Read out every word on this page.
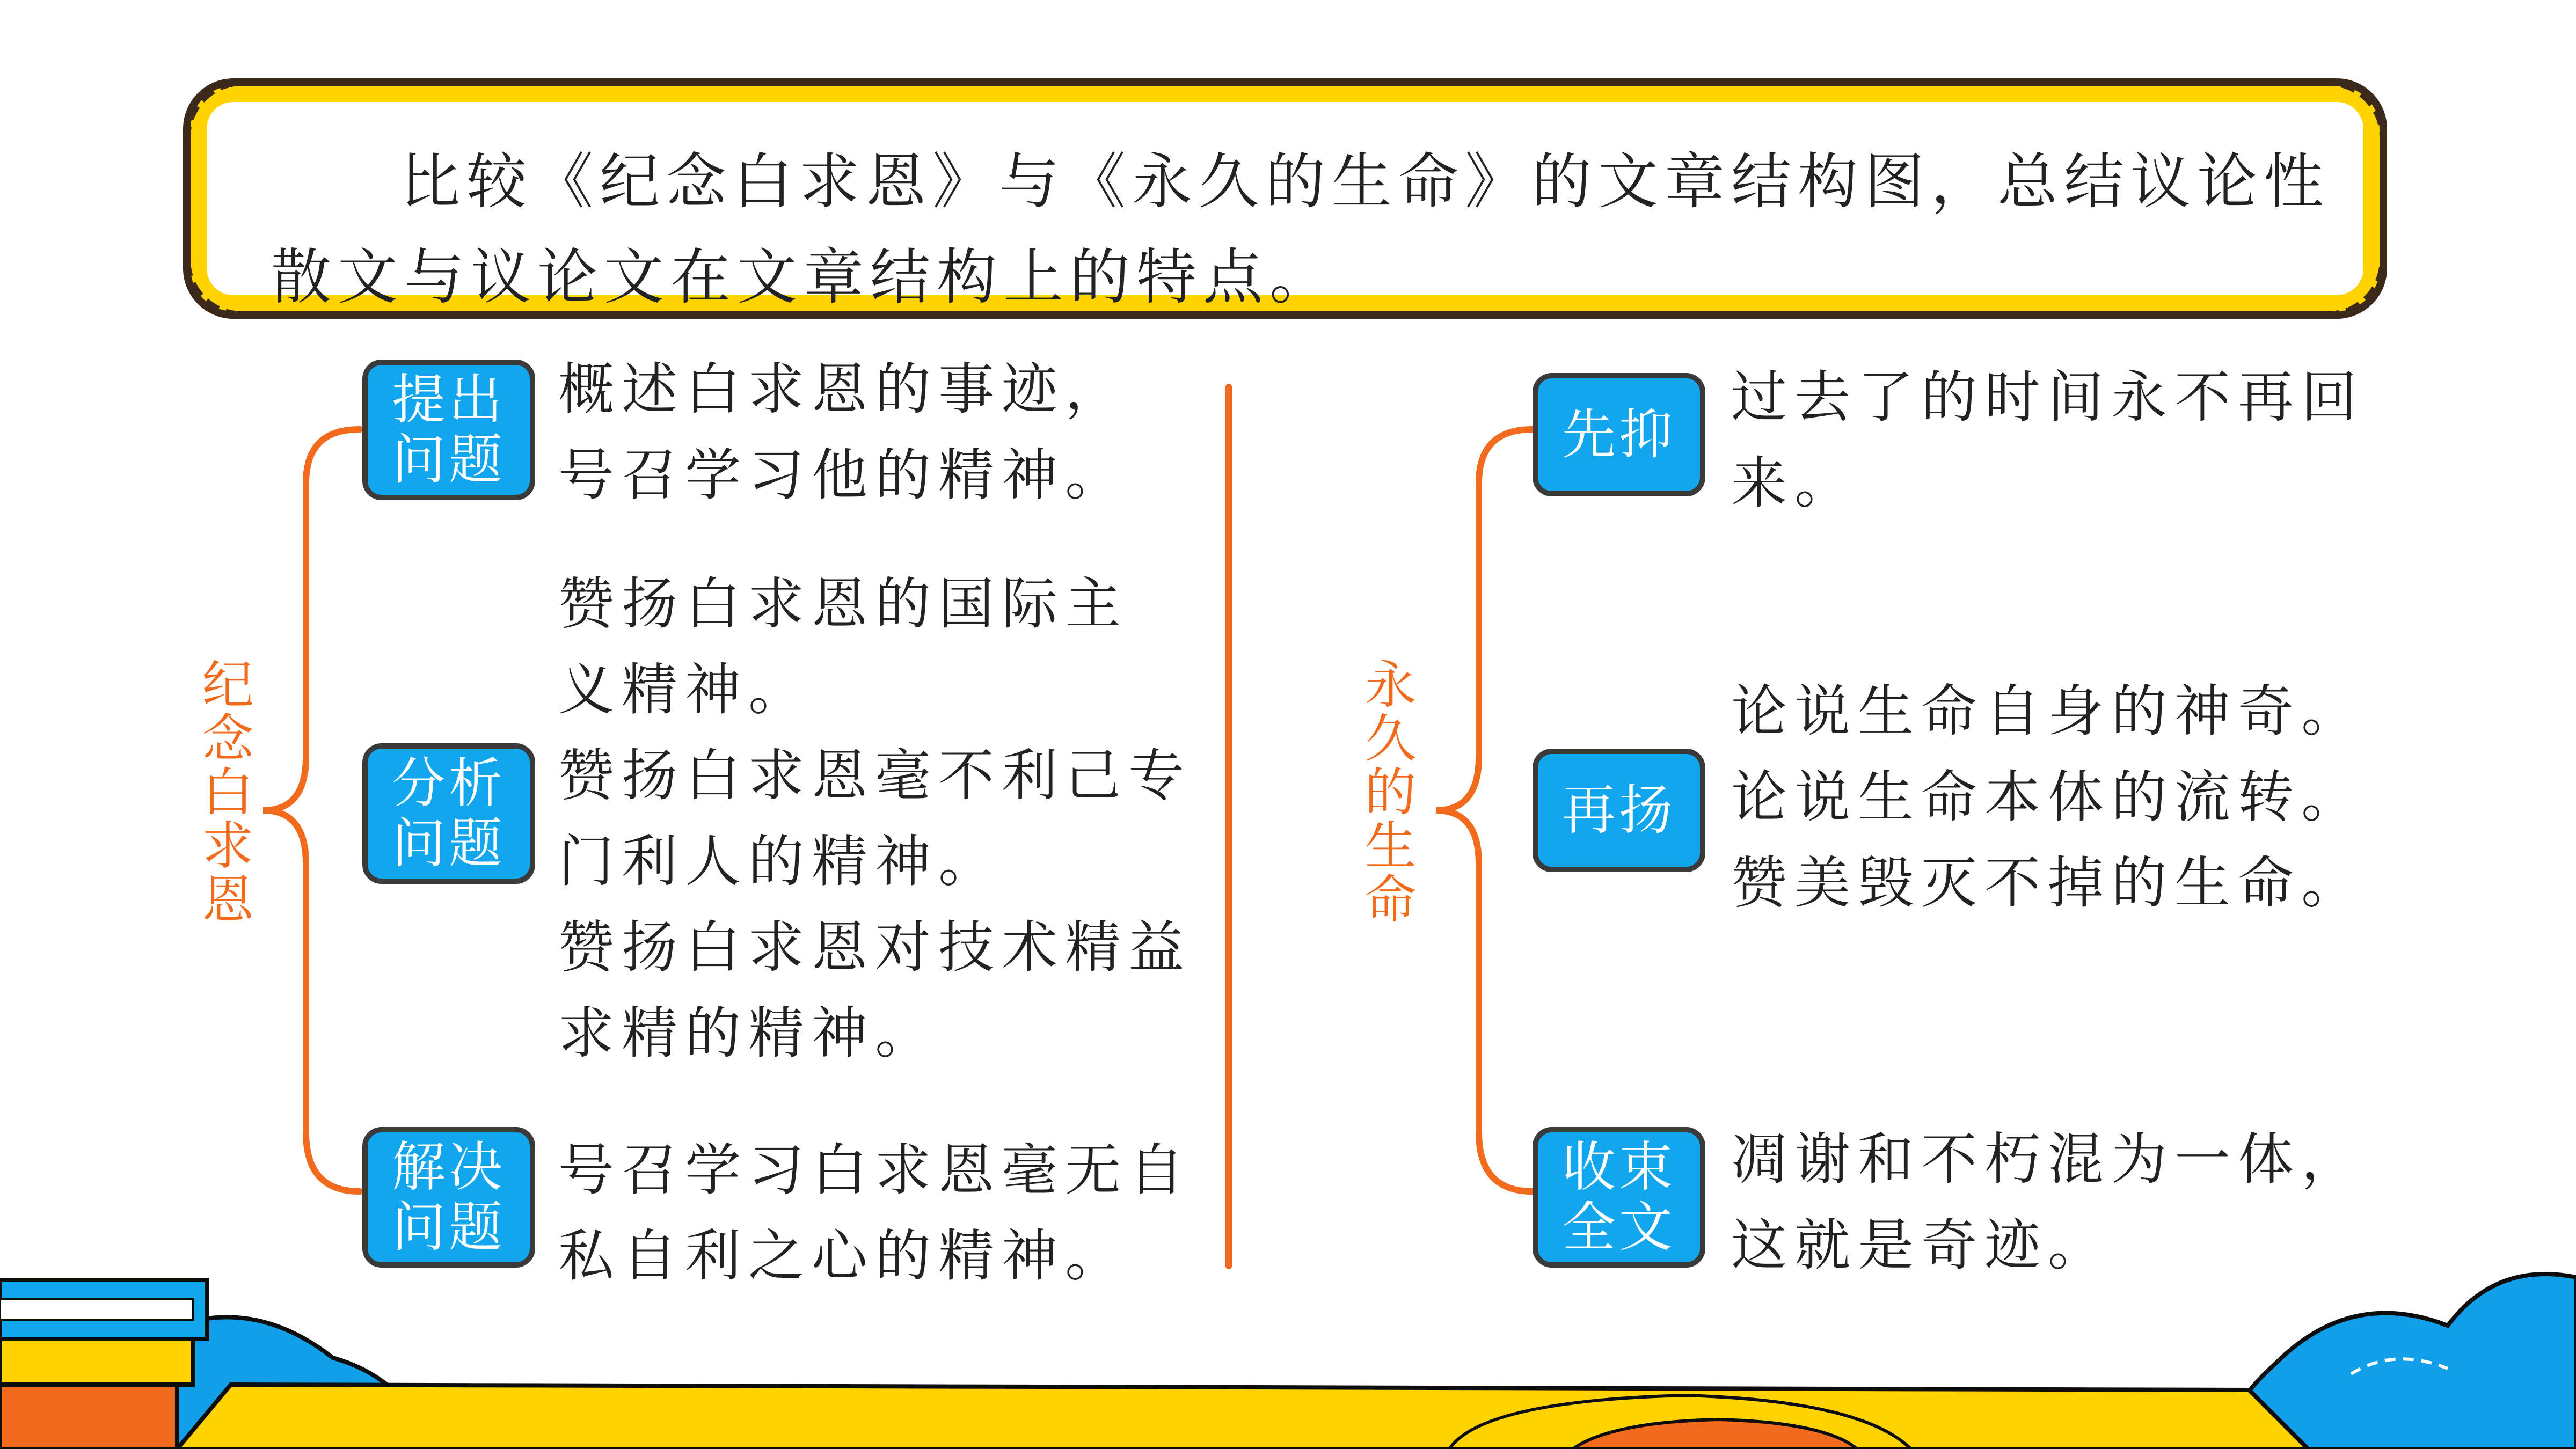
比较《纪念白求恩》与《永久的生命》的文章结构图，总结议论性散文与议论文在文章结构上的特点。
纪念白求恩	永久的生命
提出问题
分析问题
解决问题
概述白求恩的事迹，
号召学习他的精神。
赞扬白求恩的国际主
义精神。
赞扬白求恩毫不利己专
门利人的精神。
赞扬白求恩对技术精益
求精的精神。
号召学习白求恩毫无自
私自利之心的精神。
先抑
再扬
收束全文
过去了的时间永不再回
来。
论说生命自身的神奇。
论说生命本体的流转。
赞美毁灭不掉的生命。
凋谢和不朽混为一体，
这就是奇迹。
